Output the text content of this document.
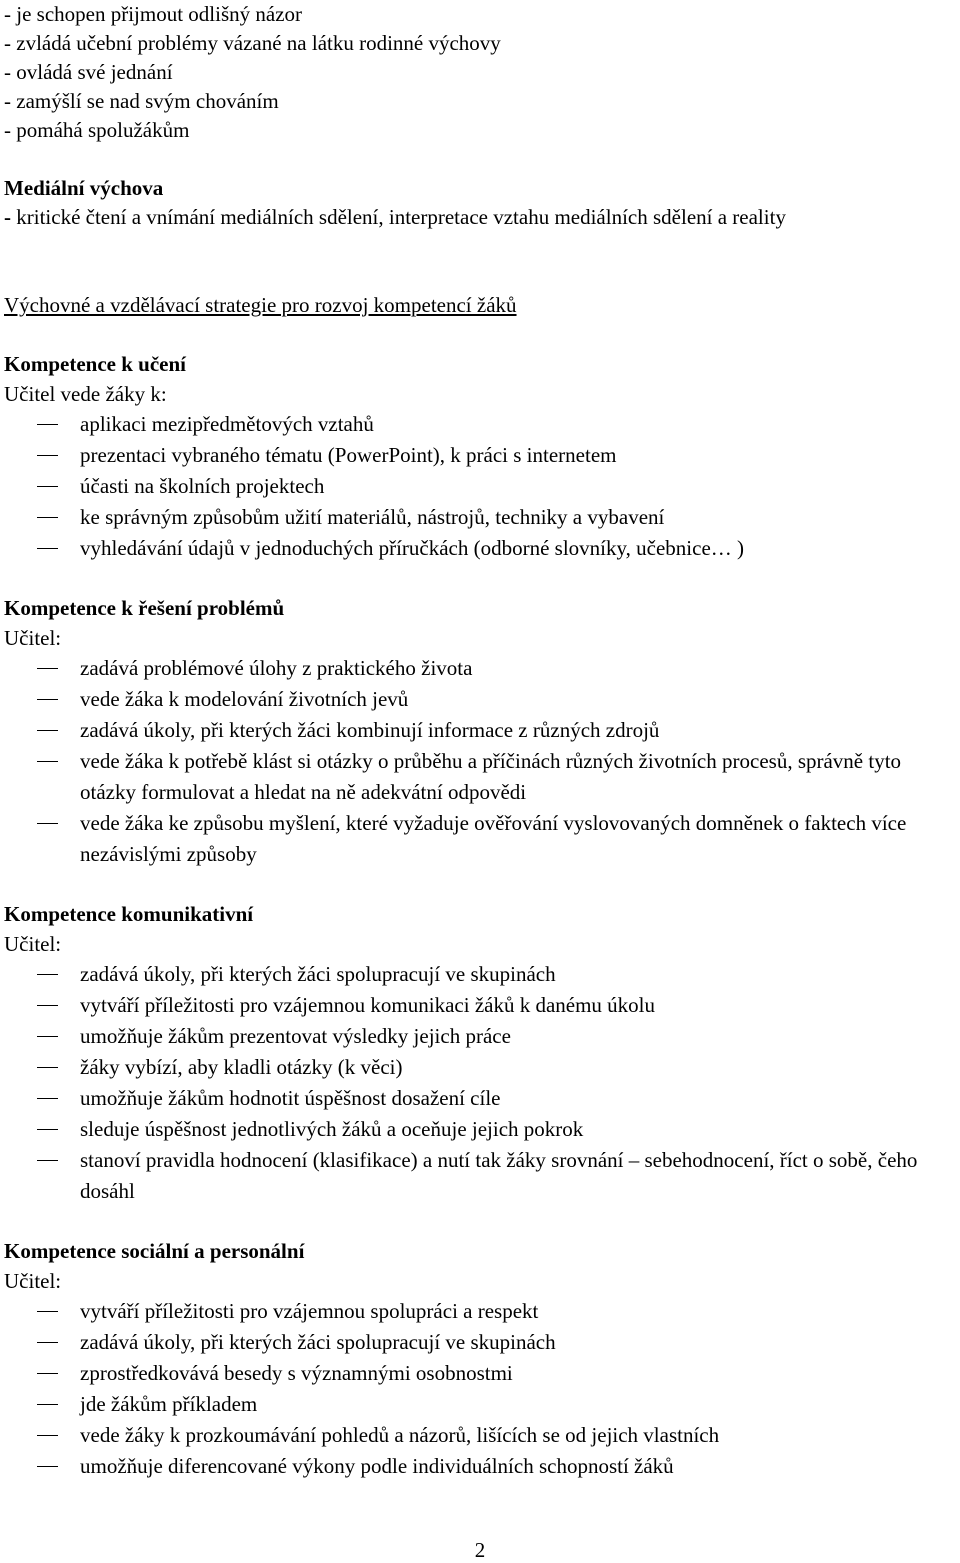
- je schopen přijmout odlišný názor
- zvládá učební problémy vázané na látku rodinné výchovy
- ovládá své jednání
- zamýšlí se nad svým chováním
- pomáhá spolužákům
Mediální výchova
- kritické čtení a vnímání mediálních sdělení, interpretace vztahu mediálních sdělení a reality
Výchovné a vzdělávací strategie pro rozvoj kompetencí žáků
Kompetence k učení
Učitel vede žáky k:
aplikaci mezipředmětových vztahů
prezentaci vybraného tématu (PowerPoint), k práci s internetem
účasti na školních projektech
ke správným způsobům užití materiálů, nástrojů, techniky a vybavení
vyhledávání údajů v jednoduchých příručkách (odborné slovníky, učebnice… )
Kompetence k řešení problémů
Učitel:
zadává problémové úlohy z praktického života
vede žáka k modelování životních jevů
zadává úkoly, při kterých žáci kombinují informace z různých zdrojů
vede žáka k potřebě klást si otázky o průběhu a příčinách různých životních procesů, správně tyto otázky formulovat a hledat na ně adekvátní odpovědi
vede žáka ke způsobu myšlení, které vyžaduje ověřování vyslovovaných domněnek o faktech více nezávislými způsoby
Kompetence komunikativní
Učitel:
zadává úkoly, při kterých žáci spolupracují ve skupinách
vytváří příležitosti pro vzájemnou komunikaci žáků k danému úkolu
umožňuje žákům prezentovat výsledky jejich práce
žáky vybízí, aby kladli otázky (k věci)
umožňuje žákům hodnotit úspěšnost dosažení cíle
sleduje úspěšnost jednotlivých žáků a oceňuje jejich pokrok
stanoví pravidla hodnocení (klasifikace) a nutí tak žáky srovnání – sebehodnocení, říct o sobě, čeho dosáhl
Kompetence sociální a personální
Učitel:
vytváří příležitosti pro vzájemnou spolupráci a respekt
zadává úkoly, při kterých žáci spolupracují ve skupinách
zprostředkovává besedy s významnými osobnostmi
jde žákům příkladem
vede žáky k prozkoumávání pohledů a názorů, lišících se od jejich vlastních
umožňuje diferencované výkony podle individuálních schopností žáků
2
